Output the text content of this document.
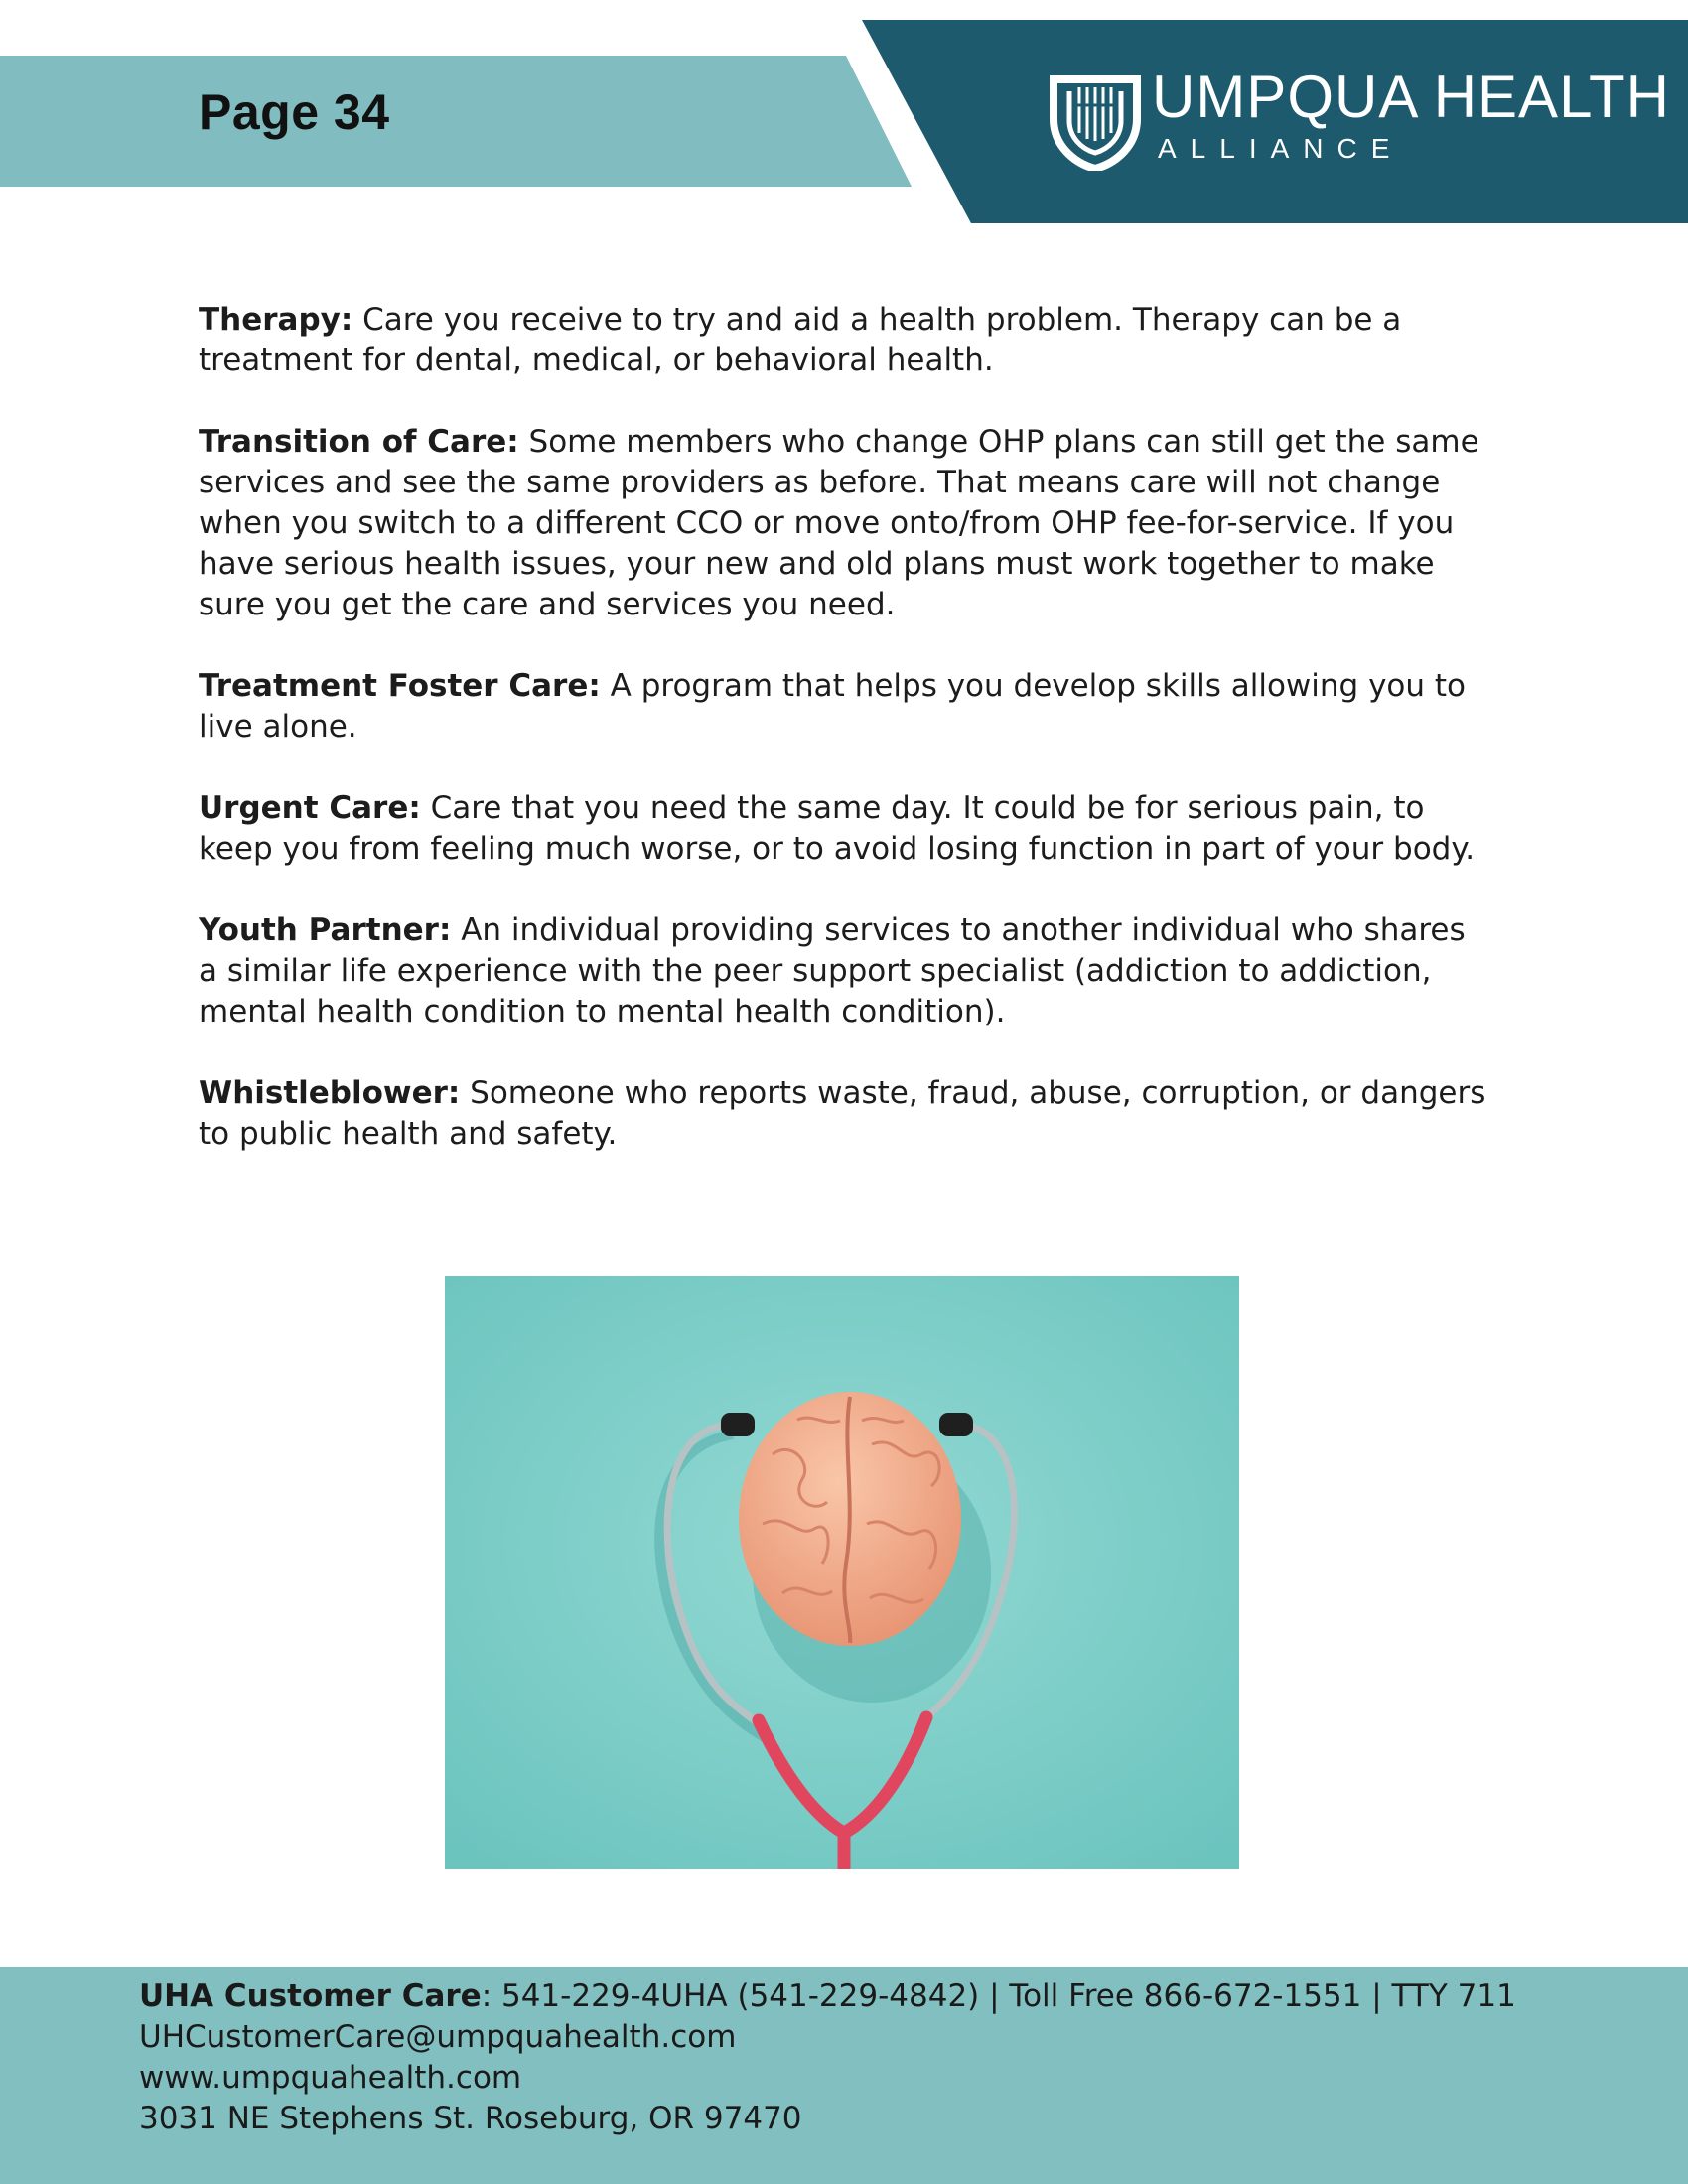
Page 34	UMPQUA HEALTH
ALLIANCE

Therapy: Care you receive to try and aid a health problem. Therapy can be a treatment for dental, medical, or behavioral health.

Transition of Care: Some members who change OHP plans can still get the same services and see the same providers as before. That means care will not change when you switch to a different CCO or move onto/from OHP fee-for-service. If you have serious health issues, your new and old plans must work together to make sure you get the care and services you need.

Treatment Foster Care: A program that helps you develop skills allowing you to live alone.

Urgent Care: Care that you need the same day. It could be for serious pain, to keep you from feeling much worse, or to avoid losing function in part of your body.

Youth Partner: An individual providing services to another individual who shares a similar life experience with the peer support specialist (addiction to addiction, mental health condition to mental health condition).

Whistleblower: Someone who reports waste, fraud, abuse, corruption, or dangers to public health and safety.

UHA Customer Care: 541-229-4UHA (541-229-4842) | Toll Free 866-672-1551 | TTY 711
UHCustomerCare@umpquahealth.com
www.umpquahealth.com
3031 NE Stephens St. Roseburg, OR 97470
